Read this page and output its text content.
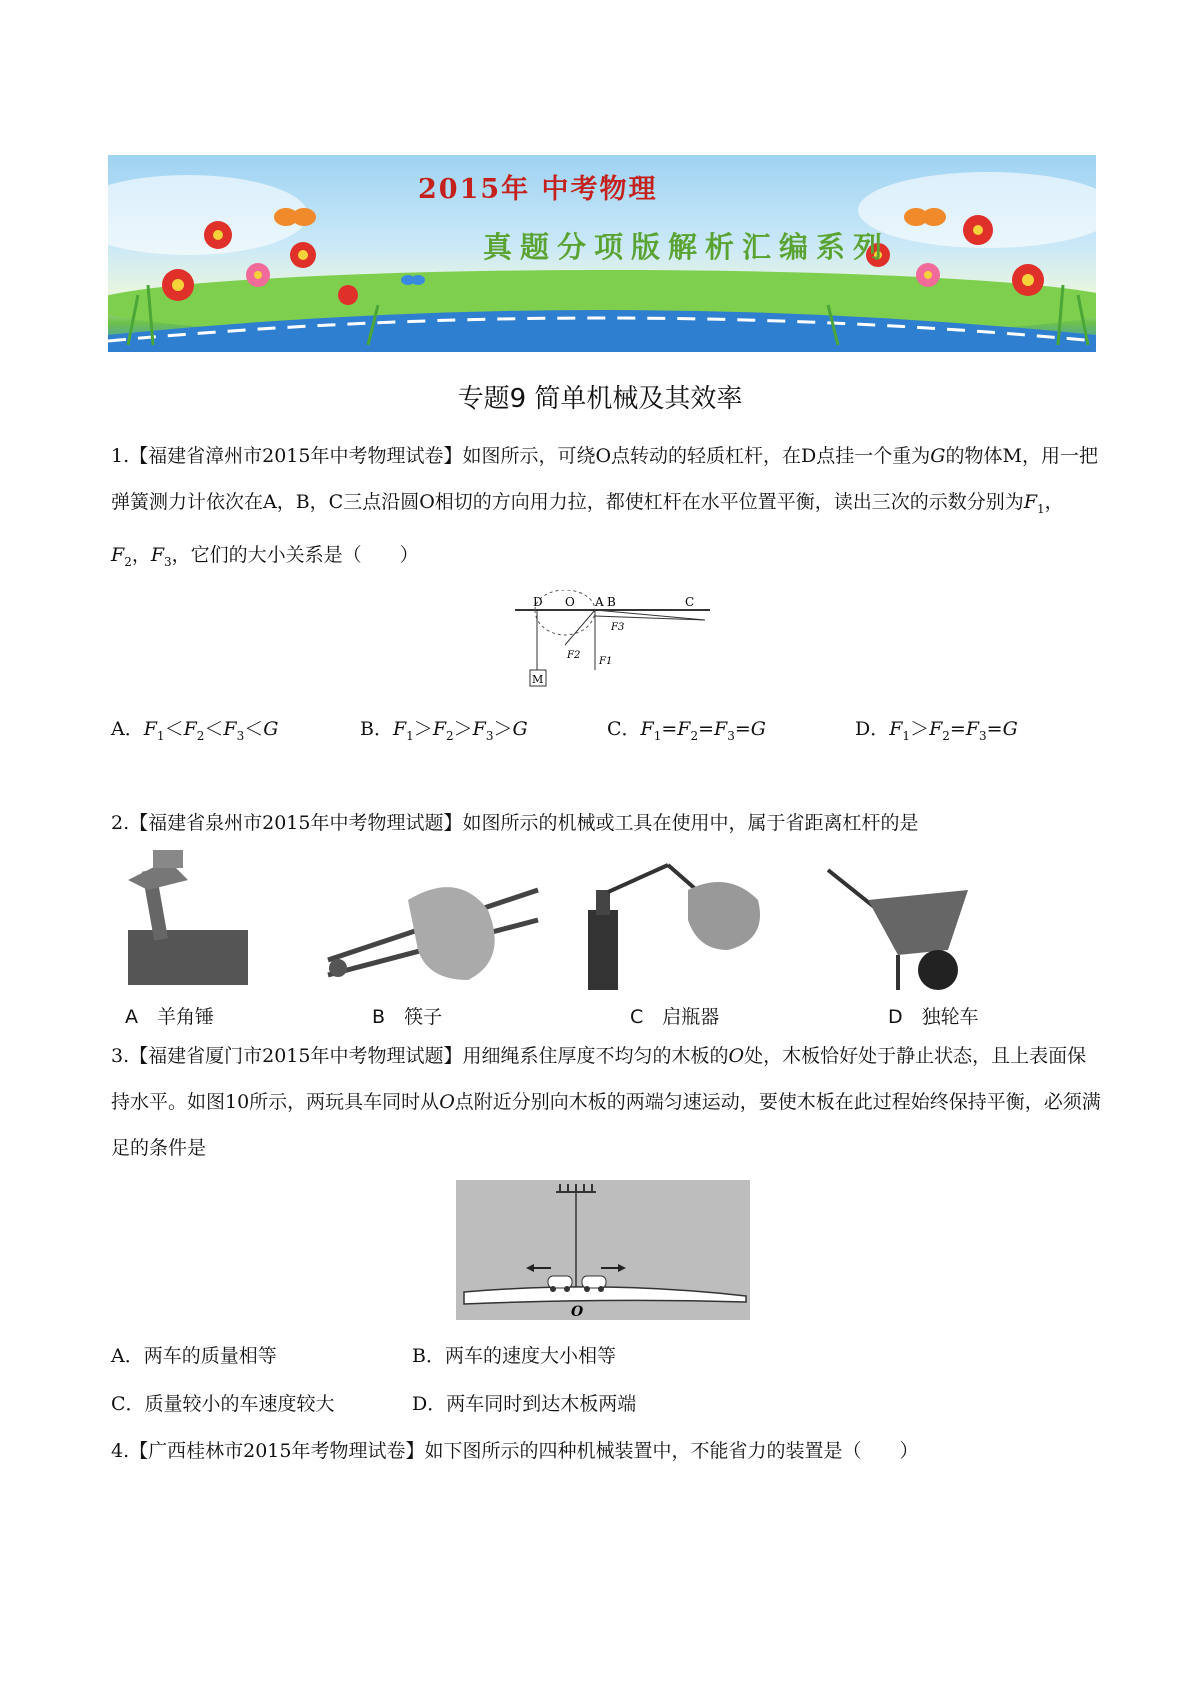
2015年 中考物理
真题分项版解析汇编系列
专题9 简单机械及其效率
1.【福建省漳州市2015年中考物理试卷】如图所示，可绕O点转动的轻质杠杆，在D点挂一个重为G的物体M，用一把弹簧测力计依次在A，B，C三点沿圆O相切的方向用力拉，都使杠杆在水平位置平衡，读出三次的示数分别为$F_1$，$F_2$，$F_3$，它们的大小关系是（　　）
M
D O A B	C
F3
F2
F1
A．$F_1<F_2<F_3<G$	B．$F_1>F_2>F_3>G$	C．$F_1=F_2=F_3=G$	D．$F_1>F_2=F_3=G$
2.【福建省泉州市2015年中考物理试题】如图所示的机械或工具在使用中，属于省距离杠杆的是
A　 羊角锤	B　 筷子	C　 启瓶器	D　 独轮车
3.【福建省厦门市2015年中考物理试题】用细绳系住厚度不均匀的木板的O处，木板恰好处于静止状态，且上表面保持水平。如图10所示，两玩具车同时从O点附近分别向木板的两端匀速运动，要使木板在此过程始终保持平衡，必须满足的条件是
O
A．两车的质量相等	B．两车的速度大小相等
C．质量较小的车速度较大	D．两车同时到达木板两端
4.【广西桂林市2015年考物理试卷】如下图所示的四种机械装置中，不能省力的装置是（　　）
